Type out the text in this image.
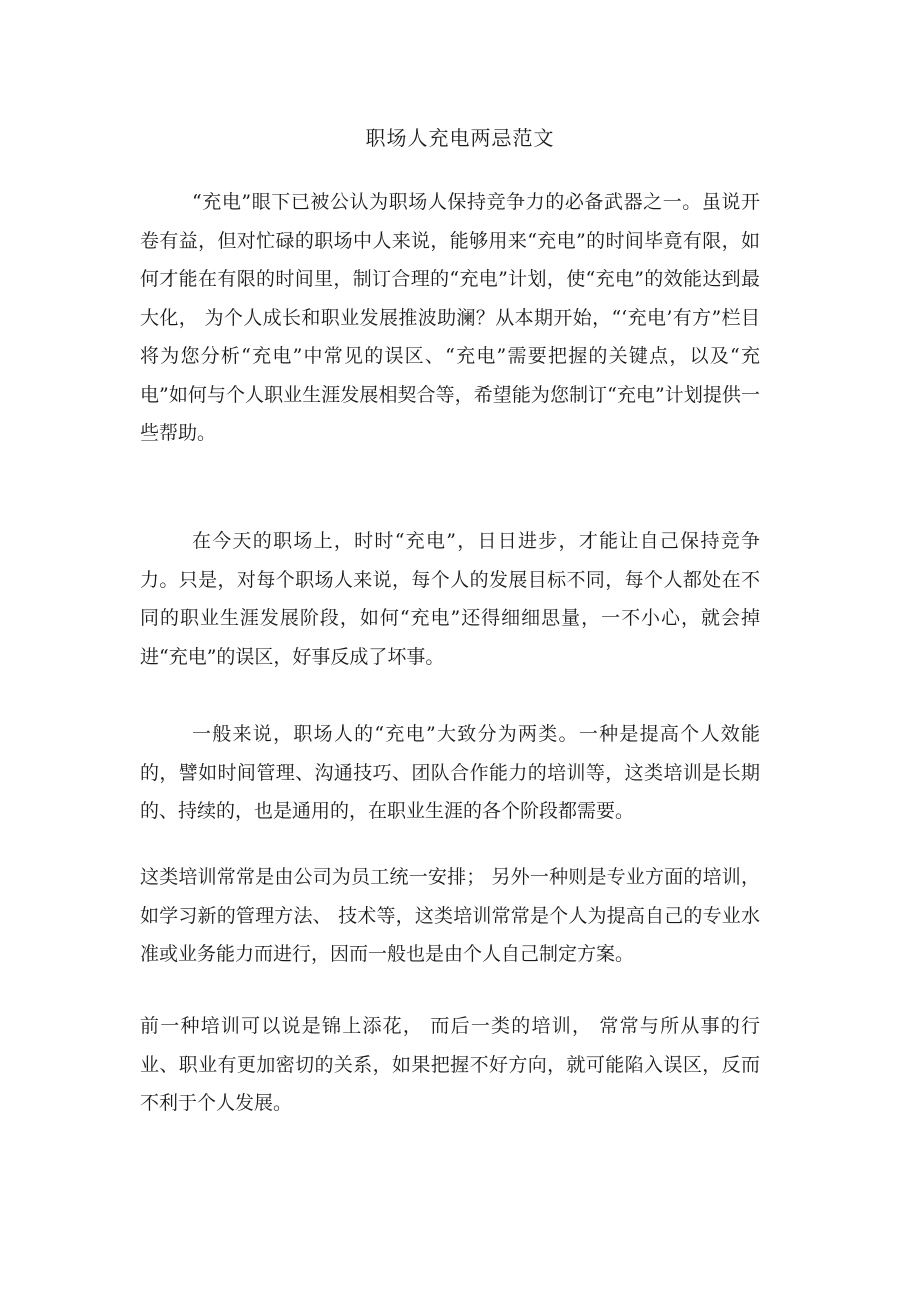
职场人充电两忌范文

“充电”眼下已被公认为职场人保持竞争力的必备武器之一。虽说开卷有益，但对忙碌的职场中人来说，能够用来“充电”的时间毕竟有限，如何才能在有限的时间里，制订合理的“充电”计划，使“充电”的效能达到最大化， 为个人成长和职业发展推波助澜？从本期开始，“‘充电’有方”栏目将为您分析“充电”中常见的误区、“充电”需要把握的关键点，以及“充电”如何与个人职业生涯发展相契合等，希望能为您制订“充电”计划提供一些帮助。

在今天的职场上，时时“充电”，日日进步，才能让自己保持竞争力。只是，对每个职场人来说，每个人的发展目标不同，每个人都处在不同的职业生涯发展阶段，如何“充电”还得细细思量，一不小心，就会掉进“充电”的误区，好事反成了坏事。

一般来说，职场人的“充电”大致分为两类。一种是提高个人效能的，譬如时间管理、沟通技巧、团队合作能力的培训等，这类培训是长期的、持续的，也是通用的，在职业生涯的各个阶段都需要。

这类培训常常是由公司为员工统一安排； 另外一种则是专业方面的培训，如学习新的管理方法、 技术等，这类培训常常是个人为提高自己的专业水准或业务能力而进行，因而一般也是由个人自己制定方案。

前一种培训可以说是锦上添花， 而后一类的培训， 常常与所从事的行业、职业有更加密切的关系，如果把握不好方向，就可能陷入误区，反而不利于个人发展。
